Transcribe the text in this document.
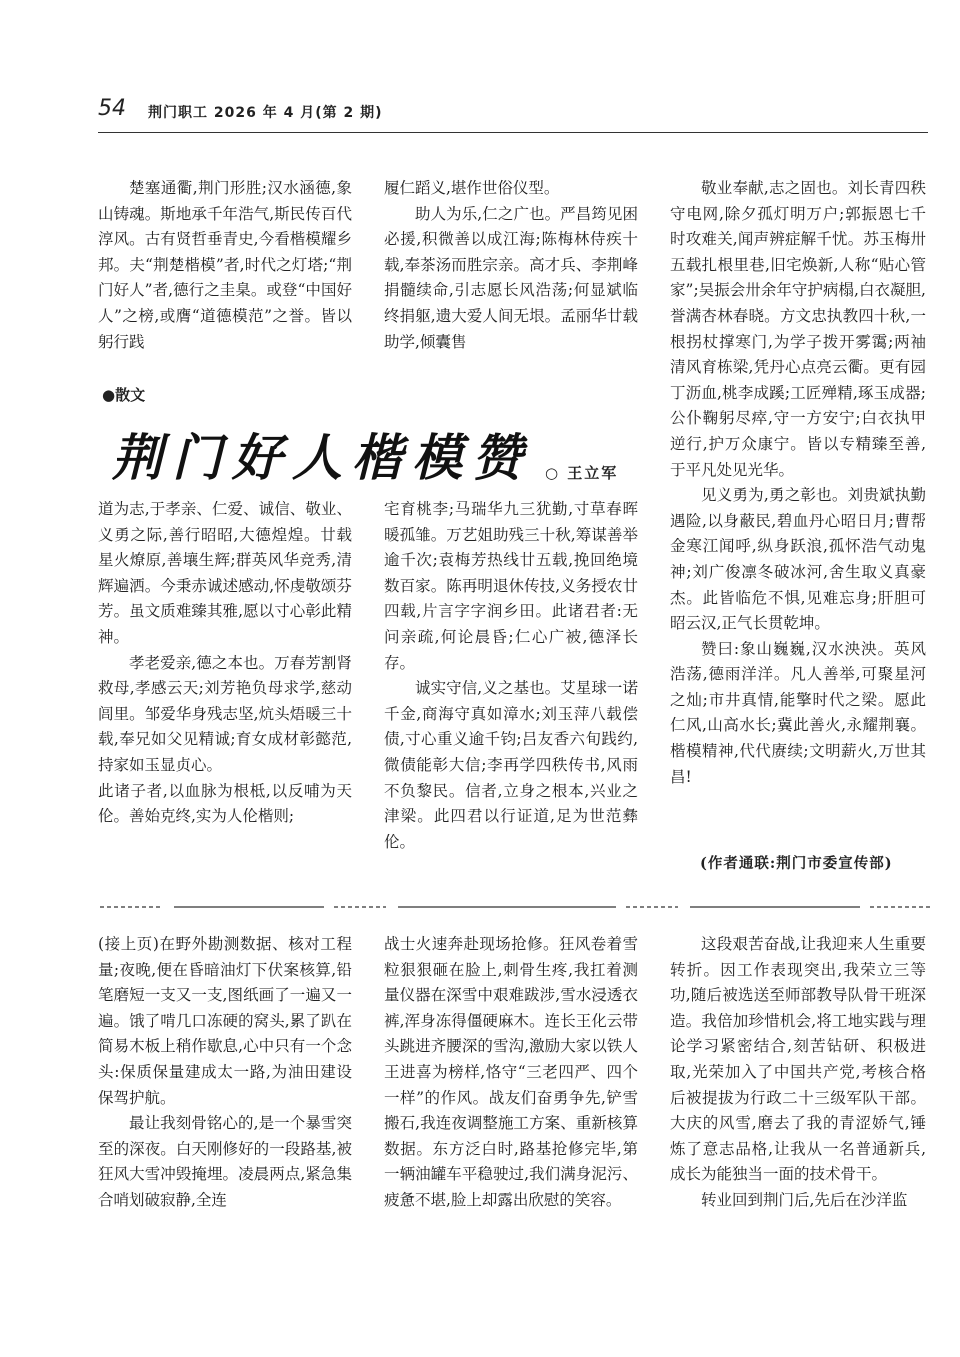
54 荆门职工 2026 年 4 月(第 2 期)

楚塞通衢,荆门形胜;汉水涵德,象山铸魂。斯地承千年浩气,斯民传百代淳风。古有贤哲垂青史,今看楷模耀乡邦。夫“荆楚楷模”者,时代之灯塔;“荆门好人”者,德行之圭臬。或登“中国好人”之榜,或膺“道德模范”之誉。皆以躬行践

履仁蹈义,堪作世俗仪型。

助人为乐,仁之广也。严昌筠见困必援,积微善以成江海;陈梅林侍疾十载,奉茶汤而胜宗亲。高才兵、李荆峰捐髓续命,引志愿长风浩荡;何显斌临终捐躯,遗大爱人间无垠。孟丽华廿载助学,倾囊售

敬业奉献,志之固也。刘长青四秩守电网,除夕孤灯明万户;郭振恩七千时攻难关,闻声辨症解千忧。苏玉梅卅五载扎根里巷,旧宅焕新,人称“贴心管家”;吴振会卅余年守护病榻,白衣凝胆,誉满杏林春晓。方文忠执教四十秋,一根拐杖撑寒门,为学子拨开雾霭;两袖清风育栋梁,凭丹心点亮云衢。更有园丁沥血,桃李成蹊;工匠殚精,琢玉成器;公仆鞠躬尽瘁,守一方安宁;白衣执甲逆行,护万众康宁。皆以专精臻至善,于平凡处见光华。

见义勇为,勇之彰也。刘贵斌执勤遇险,以身蔽民,碧血丹心昭日月;曹帮金寒江闻呼,纵身跃浪,孤怀浩气动鬼神;刘广俊凛冬破冰河,舍生取义真豪杰。此皆临危不惧,见难忘身;肝胆可昭云汉,正气长贯乾坤。

赞曰:象山巍巍,汉水泱泱。英风浩荡,德雨洋洋。凡人善举,可聚星河之灿;市井真情,能擎时代之梁。愿此仁风,山高水长;冀此善火,永耀荆襄。楷模精神,代代赓续;文明薪火,万世其昌!

●散文
荆门好人楷模赞 ○ 王立军

道为志,于孝亲、仁爱、诚信、敬业、义勇之际,善行昭昭,大德煌煌。廿载星火燎原,善壤生辉;群英风华竞秀,清辉遍洒。今秉赤诚述感动,怀虔敬颂芬芳。虽文质难臻其雅,愿以寸心彰此精神。

孝老爱亲,德之本也。万春芳割肾救母,孝感云天;刘芳艳负母求学,慈动闾里。邹爱华身残志坚,炕头焐暖三十载,奉兄如父见精诚;育女成材彰懿范,持家如玉显贞心。

此诸子者,以血脉为根柢,以反哺为天伦。善始克终,实为人伦楷则;

宅育桃李;马瑞华九三犹勤,寸草春晖暖孤雏。万艺姐助残三十秋,筹谋善举逾千次;袁梅芳热线廿五载,挽回绝境数百家。陈再明退休传技,义务授农廿四载,片言字字润乡田。此诸君者:无问亲疏,何论晨昏;仁心广被,德泽长存。

诚实守信,义之基也。艾星球一诺千金,商海守真如漳水;刘玉萍八载偿债,寸心重义逾千钧;吕友香六旬践约,微债能彰大信;李再学四秩传书,风雨不负黎民。信者,立身之根本,兴业之津梁。此四君以行证道,足为世范彝伦。

(作者通联:荆门市委宣传部)

(接上页)在野外勘测数据、核对工程量;夜晚,便在昏暗油灯下伏案核算,铅笔磨短一支又一支,图纸画了一遍又一遍。饿了啃几口冻硬的窝头,累了趴在简易木板上稍作歇息,心中只有一个念头:保质保量建成太一路,为油田建设保驾护航。

最让我刻骨铭心的,是一个暴雪突至的深夜。白天刚修好的一段路基,被狂风大雪冲毁掩埋。凌晨两点,紧急集合哨划破寂静,全连

战士火速奔赴现场抢修。狂风卷着雪粒狠狠砸在脸上,刺骨生疼,我扛着测量仪器在深雪中艰难跋涉,雪水浸透衣裤,浑身冻得僵硬麻木。连长王化云带头跳进齐腰深的雪沟,激励大家以铁人王进喜为榜样,恪守“三老四严、四个一样”的作风。战友们奋勇争先,铲雪搬石,我连夜调整施工方案、重新核算数据。东方泛白时,路基抢修完毕,第一辆油罐车平稳驶过,我们满身泥污、疲惫不堪,脸上却露出欣慰的笑容。

这段艰苦奋战,让我迎来人生重要转折。因工作表现突出,我荣立三等功,随后被选送至师部教导队骨干班深造。我倍加珍惜机会,将工地实践与理论学习紧密结合,刻苦钻研、积极进取,光荣加入了中国共产党,考核合格后被提拔为行政二十三级军队干部。大庆的风雪,磨去了我的青涩娇气,锤炼了意志品格,让我从一名普通新兵,成长为能独当一面的技术骨干。

转业回到荆门后,先后在沙洋监
